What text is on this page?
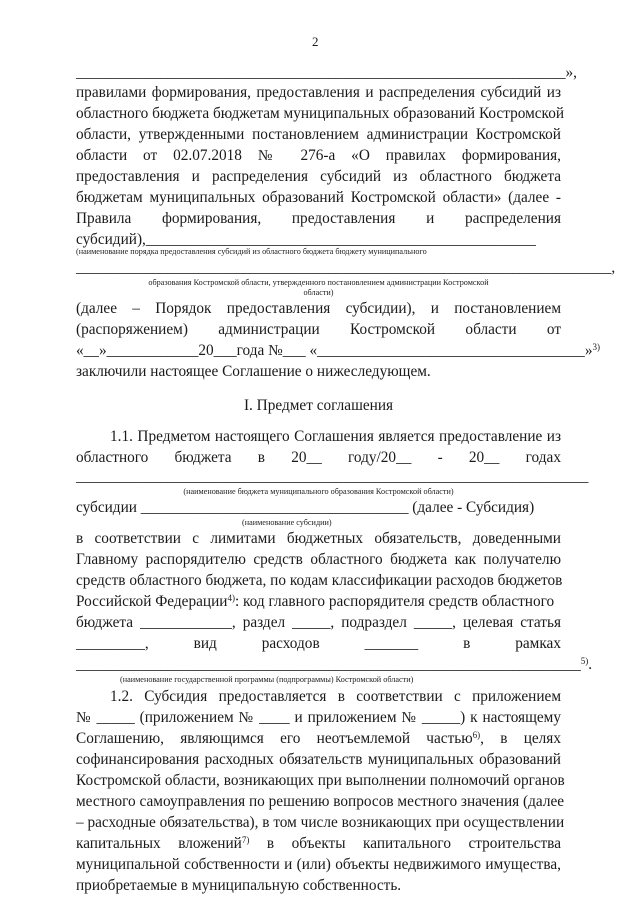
2
________________________________________________________________»,
правилами формирования, предоставления и распределения субсидий из
областного бюджета бюджетам муниципальных образований Костромской
области, утвержденными постановлением администрации Костромской
области от 02.07.2018 № 276-а «О правилах формирования,
предоставления и распределения субсидий из областного бюджета
бюджетам муниципальных образований Костромской области» (далее -
Правила формирования, предоставления и распределения
субсидий),___________________________________________________
(наименование порядка предоставления субсидий из областного бюджета бюджету муниципального
______________________________________________________________________,
образования Костромской области, утвержденного постановлением администрации Костромской
области)
(далее – Порядок предоставления субсидии), и постановлением
(распоряжением) администрации Костромской области от
«__»____________20___года №___ «___________________________________»$^{3)}$
заключили настоящее Соглашение о нижеследующем.
I. Предмет соглашения
1.1. Предметом настоящего Соглашения является предоставление из
областного бюджета в 20__ году/20__ - 20__ годах
___________________________________________________________________
(наименование бюджета муниципального образования Костромской области)
субсидии ___________________________________ (далее - Субсидия)
(наименование субсидии)
в соответствии с лимитами бюджетных обязательств, доведенными
Главному распорядителю средств областного бюджета как получателю
средств областного бюджета, по кодам классификации расходов бюджетов
Российской Федерации$^{4)}$: код главного распорядителя средств областного
бюджета ____________, раздел _____, подраздел _____, целевая статья
_________, вид расходов _______ в рамках
__________________________________________________________________$^{5)}$.
(наименование государственной программы (подпрограммы) Костромской области)
1.2. Субсидия предоставляется в соответствии с приложением
№ _____ (приложением № ____ и приложением № _____) к настоящему
Соглашению, являющимся его неотъемлемой частью$^{6)}$, в целях
софинансирования расходных обязательств муниципальных образований
Костромской области, возникающих при выполнении полномочий органов
местного самоуправления по решению вопросов местного значения (далее
– расходные обязательства), в том числе возникающих при осуществлении
капитальных вложений$^{7)}$ в объекты капитального строительства
муниципальной собственности и (или) объекты недвижимого имущества,
приобретаемые в муниципальную собственность.
